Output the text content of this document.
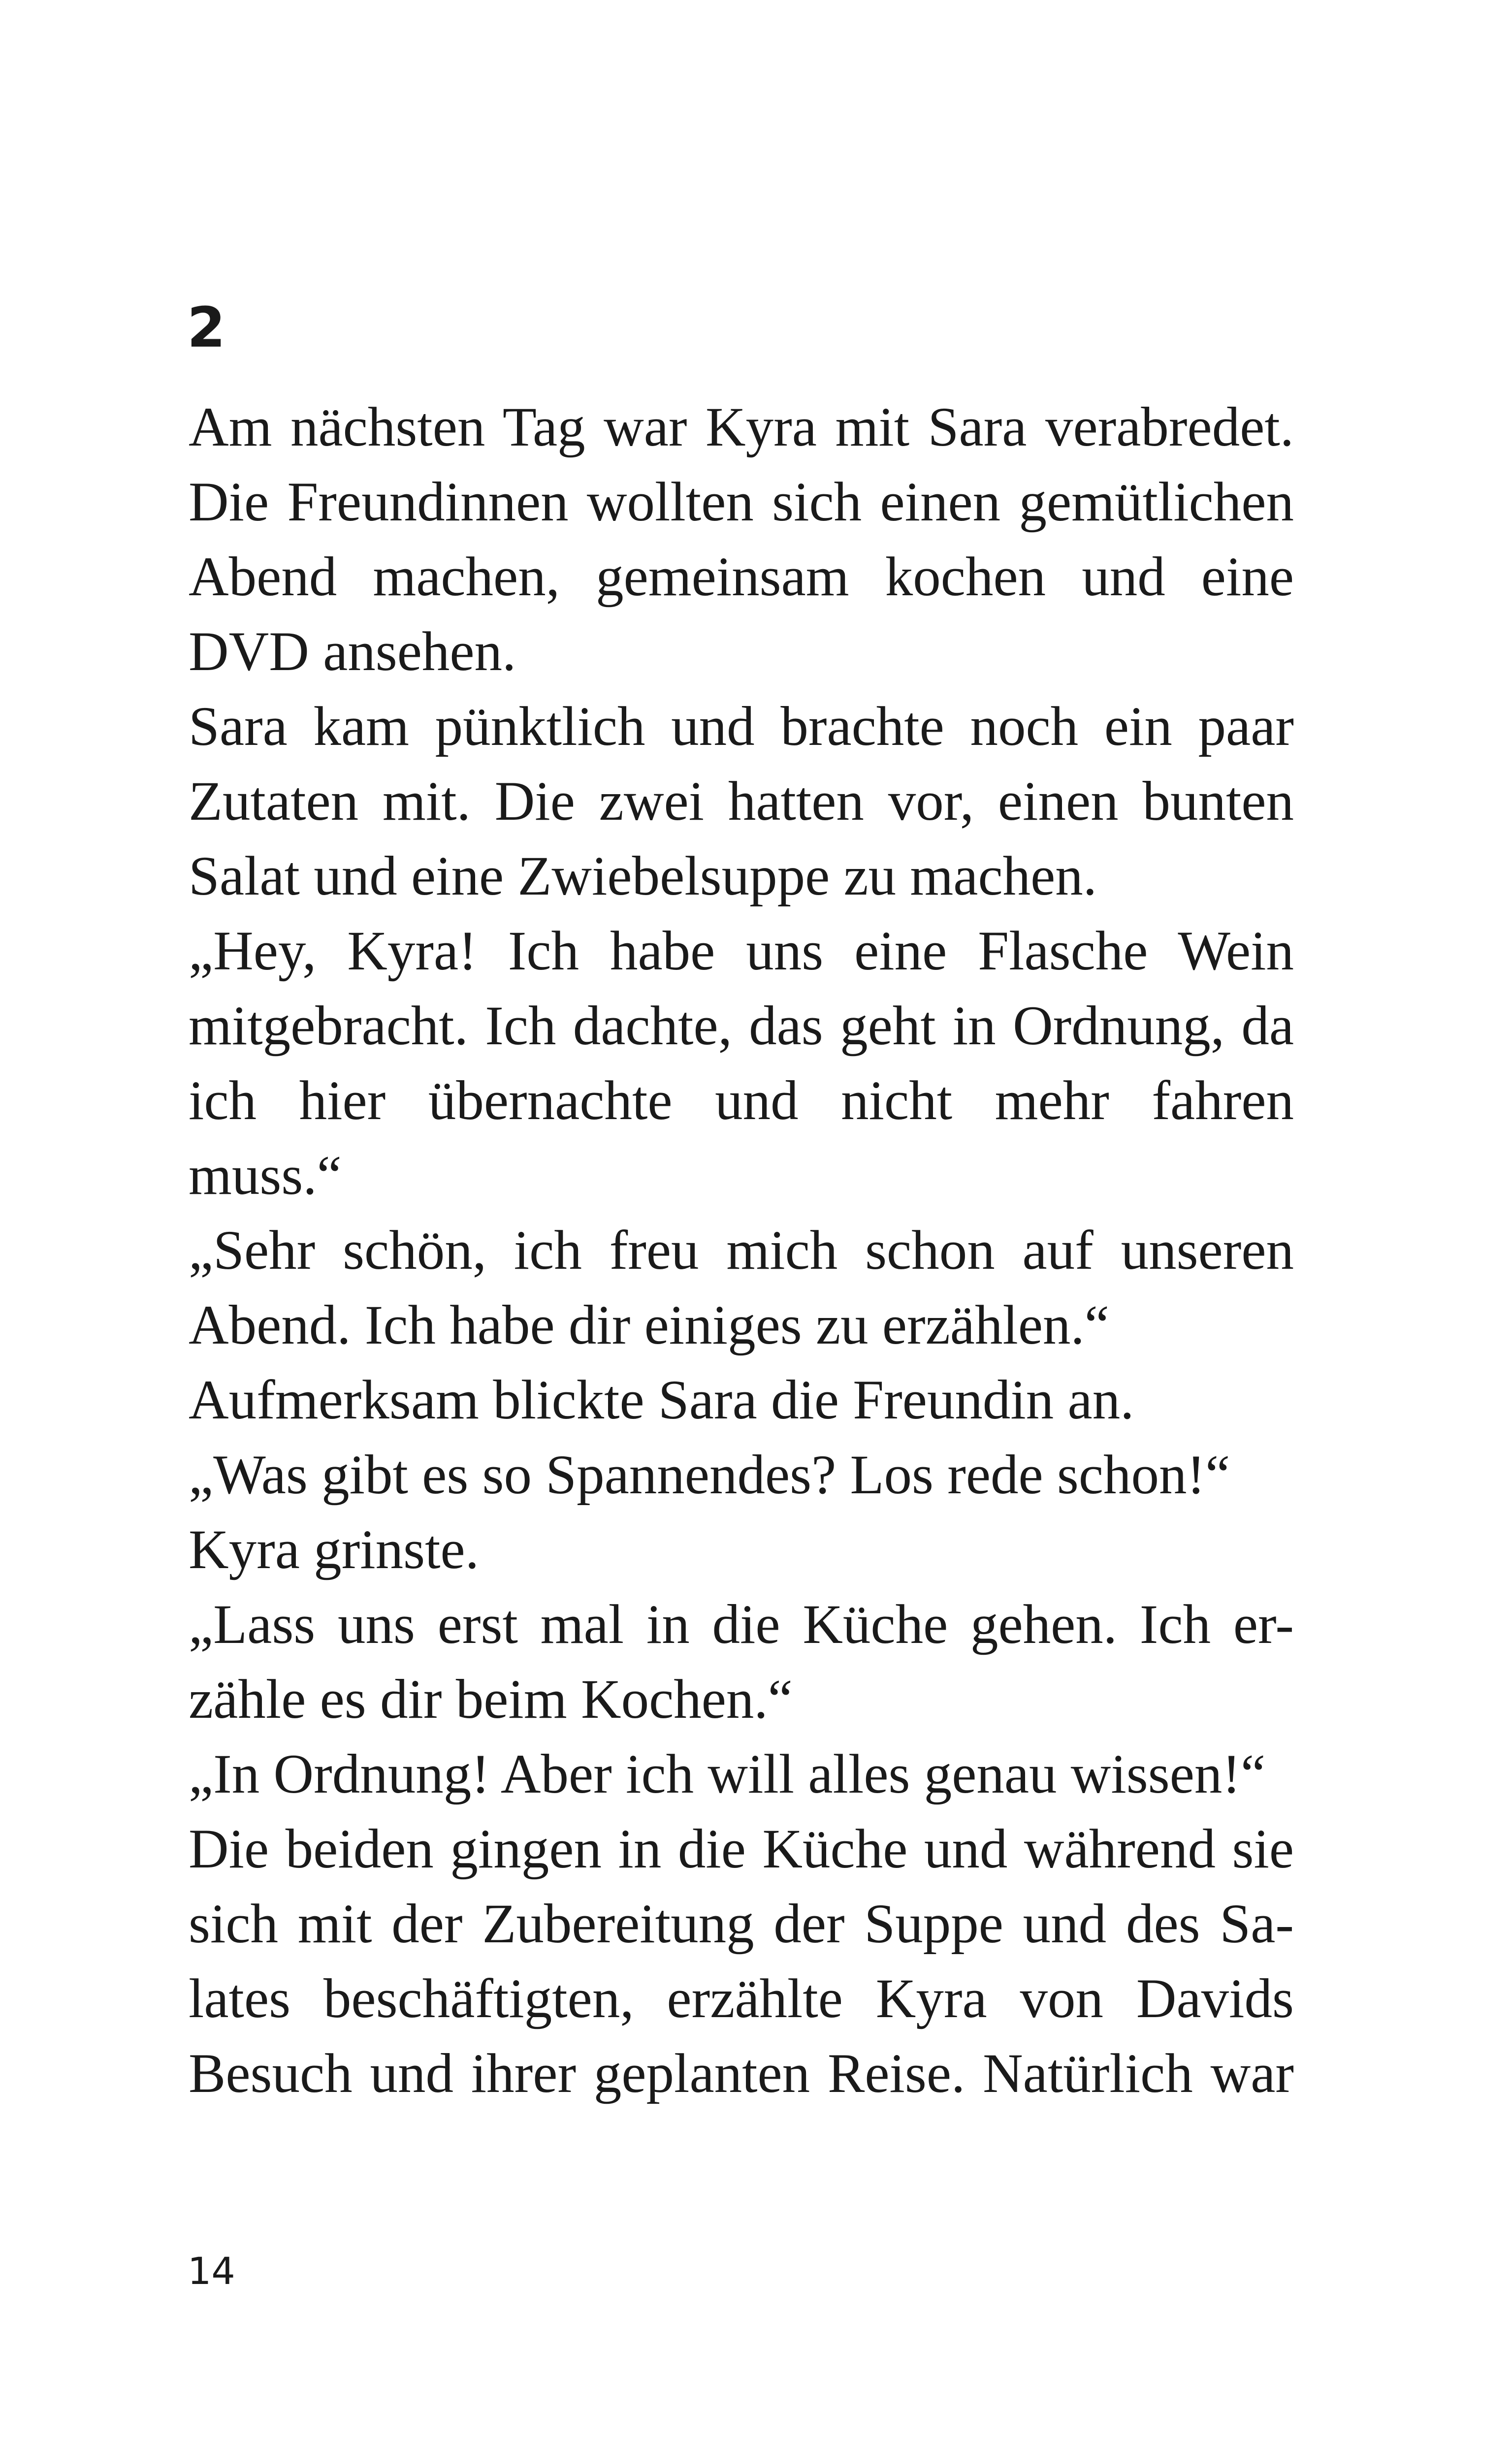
2
Am nächsten Tag war Kyra mit Sara verabredet.
Die Freundinnen wollten sich einen gemütlichen
Abend machen, gemeinsam kochen und eine
DVD ansehen.
Sara kam pünktlich und brachte noch ein paar
Zutaten mit. Die zwei hatten vor, einen bunten
Salat und eine Zwiebelsuppe zu machen.
„Hey, Kyra! Ich habe uns eine Flasche Wein
mitgebracht. Ich dachte, das geht in Ordnung, da
ich hier übernachte und nicht mehr fahren
muss.“
„Sehr schön, ich freu mich schon auf unseren
Abend. Ich habe dir einiges zu erzählen.“
Aufmerksam blickte Sara die Freundin an.
„Was gibt es so Spannendes? Los rede schon!“
Kyra grinste.
„Lass uns erst mal in die Küche gehen. Ich er-
zähle es dir beim Kochen.“
„In Ordnung! Aber ich will alles genau wissen!“
Die beiden gingen in die Küche und während sie
sich mit der Zubereitung der Suppe und des Sa-
lates beschäftigten, erzählte Kyra von Davids
Besuch und ihrer geplanten Reise. Natürlich war
14
